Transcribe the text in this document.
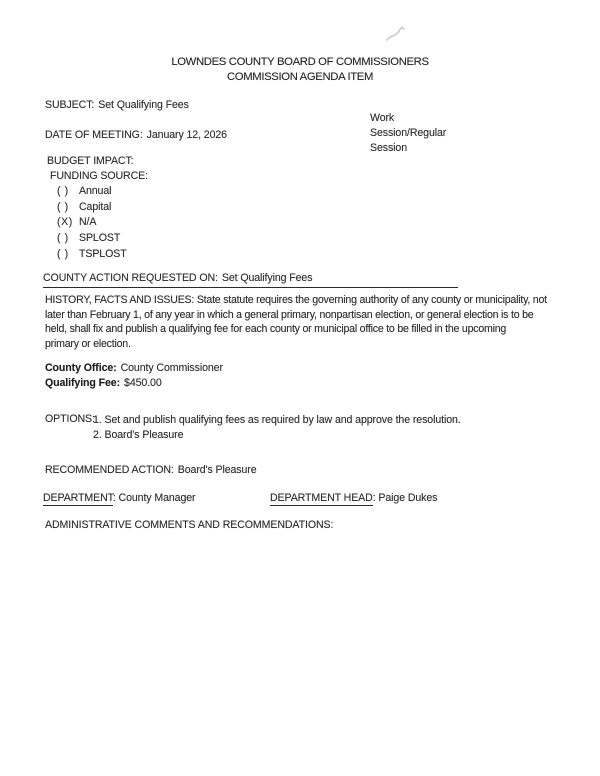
LOWNDES COUNTY BOARD OF COMMISSIONERS
COMMISSION AGENDA ITEM
SUBJECT: Set Qualifying Fees
Work
Session/Regular
Session
DATE OF MEETING: January 12, 2026
BUDGET IMPACT:
FUNDING SOURCE:
( ) Annual
( ) Capital
(X) N/A
( ) SPLOST
( ) TSPLOST
COUNTY ACTION REQUESTED ON: Set Qualifying Fees
HISTORY, FACTS AND ISSUES: State statute requires the governing authority of any county or municipality, not
later than February 1, of any year in which a general primary, nonpartisan election, or general election is to be
held, shall fix and publish a qualifying fee for each county or municipal office to be filled in the upcoming
primary or election.
County Office: County Commissioner
Qualifying Fee: $450.00
OPTIONS:
1. Set and publish qualifying fees as required by law and approve the resolution.
2. Board’s Pleasure
RECOMMENDED ACTION: Board's Pleasure
DEPARTMENT: County Manager	DEPARTMENT HEAD: Paige Dukes
ADMINISTRATIVE COMMENTS AND RECOMMENDATIONS:
